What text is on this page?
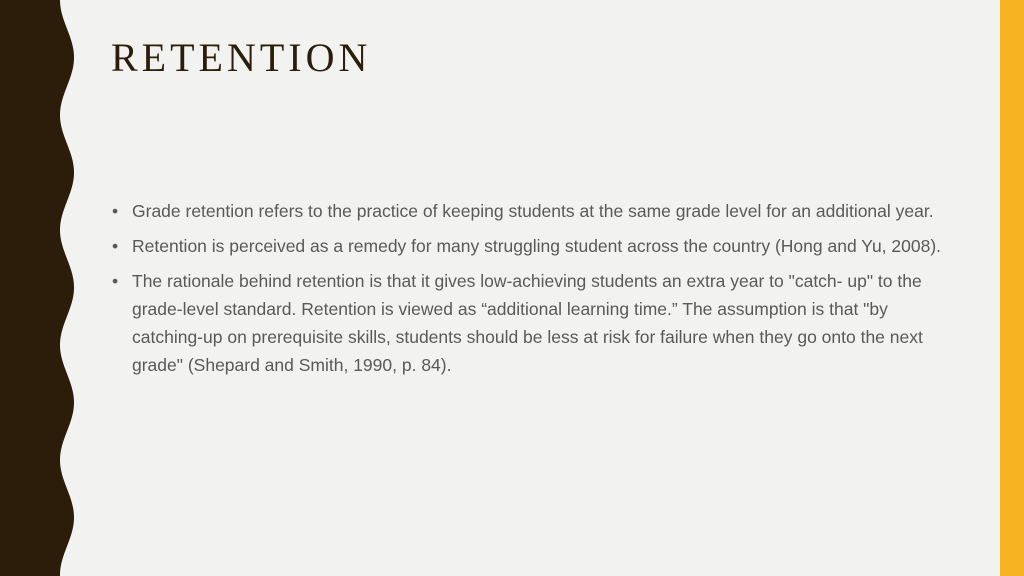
RETENTION
• Grade retention refers to the practice of keeping students at the same grade level for an additional year.
• Retention is perceived as a remedy for many struggling student across the country (Hong and Yu, 2008).
• The rationale behind retention is that it gives low-achieving students an extra year to "catch- up" to the grade-level standard. Retention is viewed as “additional learning time.” The assumption is that "by catching-up on prerequisite skills, students should be less at risk for failure when they go onto the next grade" (Shepard and Smith, 1990, p. 84).
